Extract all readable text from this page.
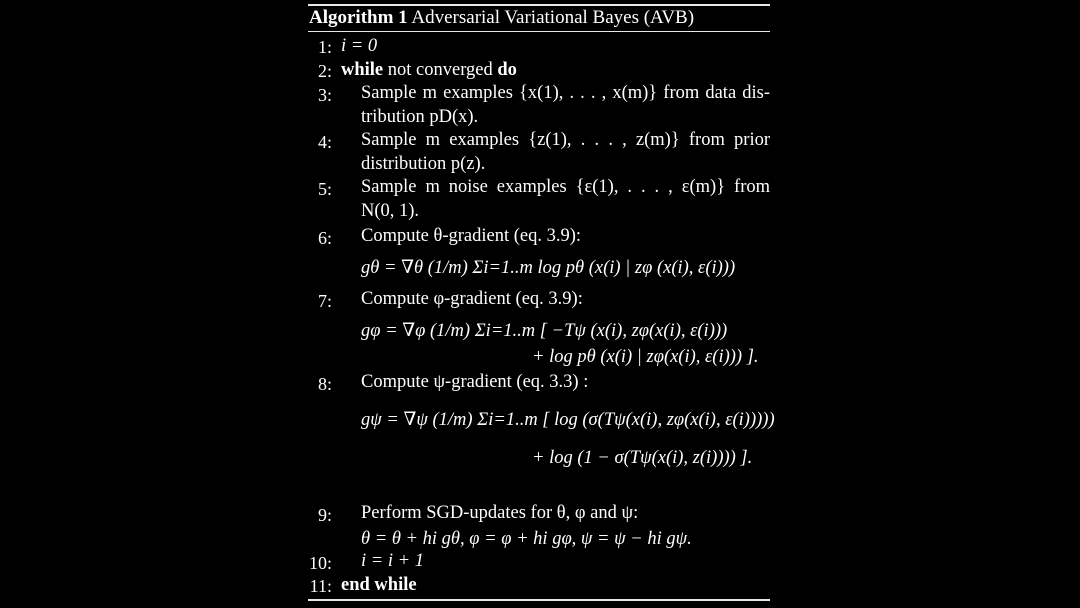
Algorithm 1 Adversarial Variational Bayes (AVB)
1: i = 0
2: while not converged do
3: Sample m examples {x(1), . . . , x(m)} from data dis-
tribution pD(x).
4: Sample m examples {z(1), . . . , z(m)} from prior
distribution p(z).
5: Sample m noise examples {ε(1), . . . , ε(m)} from
N(0, 1).
6: Compute θ-gradient (eq. 3.9):
gθ = ∇θ (1/m) Σi=1..m log pθ (x(i) | zφ (x(i), ε(i)))
7: Compute φ-gradient (eq. 3.9):
gφ = ∇φ (1/m) Σi=1..m [ −Tψ (x(i), zφ(x(i), ε(i)))
+ log pθ (x(i) | zφ(x(i), ε(i))) ].
8: Compute ψ-gradient (eq. 3.3) :
gψ = ∇ψ (1/m) Σi=1..m [ log (σ(Tψ(x(i), zφ(x(i), ε(i)))))
+ log (1 − σ(Tψ(x(i), z(i)))) ].
9: Perform SGD-updates for θ, φ and ψ:
θ = θ + hi gθ, φ = φ + hi gφ, ψ = ψ − hi gψ.
10: i = i + 1
11: end while
